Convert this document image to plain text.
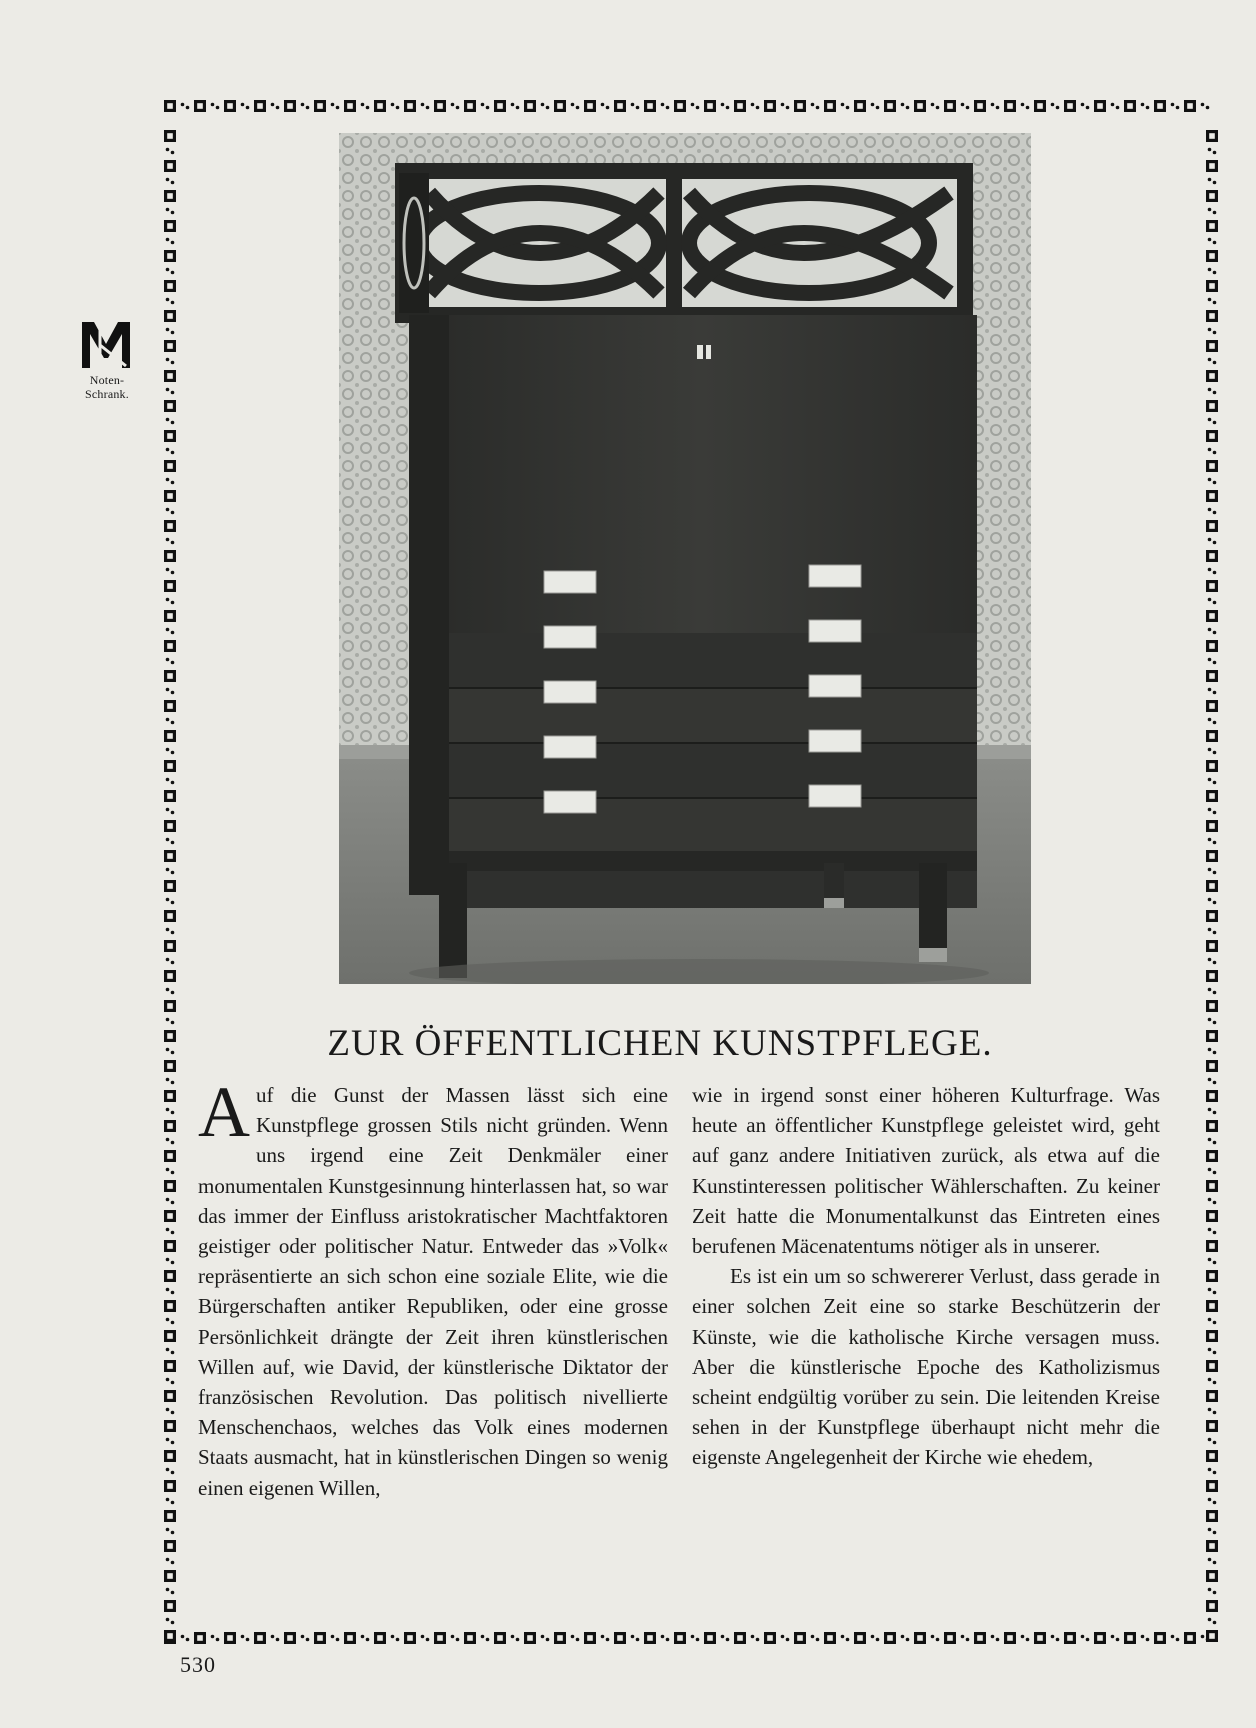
Noten-
Schrank.
ZUR ÖFFENTLICHEN KUNSTPFLEGE.

Auf die Gunst der Massen lässt sich eine Kunstpflege grossen Stils nicht gründen. Wenn uns irgend eine Zeit Denkmäler einer monumentalen Kunstgesinnung hinterlassen hat, so war das immer der Einfluss aristokratischer Machtfaktoren geistiger oder politischer Natur. Entweder das »Volk« repräsentierte an sich schon eine soziale Elite, wie die Bürgerschaften antiker Republiken, oder eine grosse Persönlichkeit drängte der Zeit ihren künstlerischen Willen auf, wie David, der künstlerische Diktator der französischen Revolution. Das politisch nivellierte Menschenchaos, welches das Volk eines modernen Staats ausmacht, hat in künstlerischen Dingen so wenig einen eigenen Willen,

wie in irgend sonst einer höheren Kulturfrage. Was heute an öffentlicher Kunstpflege geleistet wird, geht auf ganz andere Initiativen zurück, als etwa auf die Kunstinteressen politischer Wählerschaften. Zu keiner Zeit hatte die Monumentalkunst das Eintreten eines berufenen Mäcenatentums nötiger als in unserer.

Es ist ein um so schwererer Verlust, dass gerade in einer solchen Zeit eine so starke Beschützerin der Künste, wie die katholische Kirche versagen muss. Aber die künstlerische Epoche des Katholizismus scheint endgültig vorüber zu sein. Die leitenden Kreise sehen in der Kunstpflege überhaupt nicht mehr die eigenste Angelegenheit der Kirche wie ehedem,

530
